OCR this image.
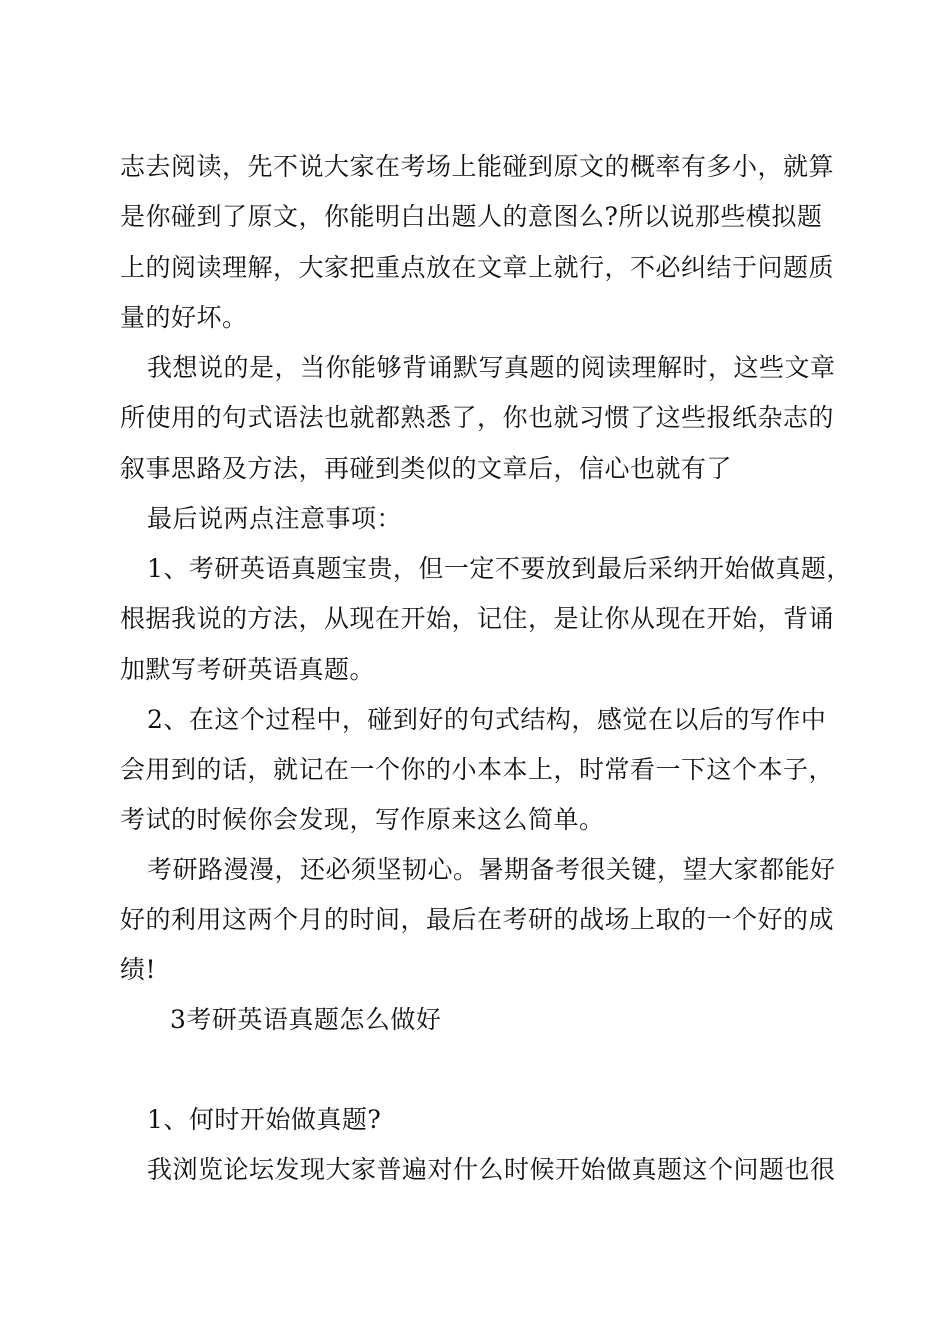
志去阅读，先不说大家在考场上能碰到原文的概率有多小，就算
是你碰到了原文，你能明白出题人的意图么?所以说那些模拟题
上的阅读理解，大家把重点放在文章上就行，不必纠结于问题质
量的好坏。
我想说的是，当你能够背诵默写真题的阅读理解时，这些文章
所使用的句式语法也就都熟悉了，你也就习惯了这些报纸杂志的
叙事思路及方法，再碰到类似的文章后，信心也就有了
最后说两点注意事项：
1、考研英语真题宝贵，但一定不要放到最后采纳开始做真题，
根据我说的方法，从现在开始，记住，是让你从现在开始，背诵
加默写考研英语真题。
2、在这个过程中，碰到好的句式结构，感觉在以后的写作中
会用到的话，就记在一个你的小本本上，时常看一下这个本子，
考试的时候你会发现，写作原来这么简单。
考研路漫漫，还必须坚韧心。暑期备考很关键，望大家都能好
好的利用这两个月的时间，最后在考研的战场上取的一个好的成
绩!
3考研英语真题怎么做好
1、何时开始做真题?
我浏览论坛发现大家普遍对什么时候开始做真题这个问题也很
